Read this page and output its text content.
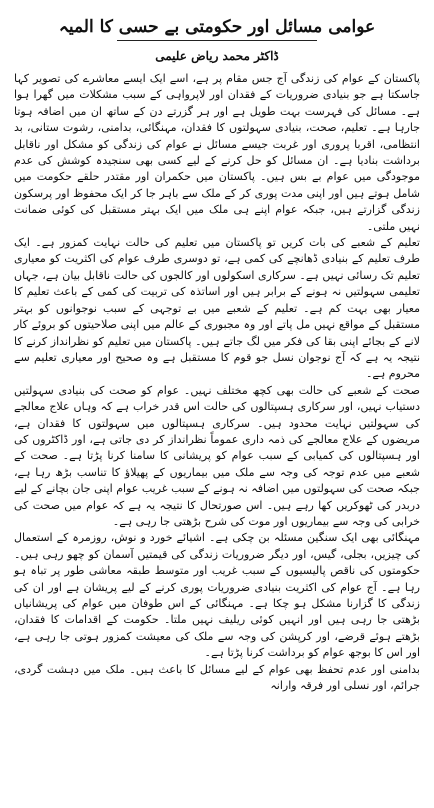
عوامی مسائل اور حکومتی بے حسی کا المیہ
ڈاکٹر محمد ریاض علیمی

پاکستان کے عوام کی زندگی آج جس مقام پر ہے، اسے ایک ایسے معاشرے کی تصویر کہا جاسکتا ہے جو بنیادی ضروریات کے فقدان اور لاپرواہی کے سبب مشکلات میں گھرا ہوا ہے۔ مسائل کی فہرست بہت طویل ہے اور ہر گزرتے دن کے ساتھ ان میں اضافہ ہوتا جارہا ہے۔ تعلیم، صحت، بنیادی سہولتوں کا فقدان، مہنگائی، بدامنی، رشوت ستانی، بد انتظامی، اقربا پروری اور غربت جیسے مسائل نے عوام کی زندگی کو مشکل اور ناقابل برداشت بنادیا ہے۔ ان مسائل کو حل کرنے کے لیے کسی بھی سنجیدہ کوشش کی عدم موجودگی میں عوام بے بس ہیں۔ پاکستان میں حکمران اور مقتدر حلقے حکومت میں شامل ہوتے ہیں اور اپنی مدت پوری کر کے ملک سے باہر جا کر ایک محفوظ اور پرسکون زندگی گزارتے ہیں، جبکہ عوام اپنے ہی ملک میں ایک بہتر مستقبل کی کوئی ضمانت نہیں ملتی۔

تعلیم کے شعبے کی بات کریں تو پاکستان میں تعلیم کی حالت نہایت کمزور ہے۔ ایک طرف تعلیم کے بنیادی ڈھانچے کی کمی ہے، تو دوسری طرف عوام کی اکثریت کو معیاری تعلیم تک رسائی نہیں ہے۔ سرکاری اسکولوں اور کالجوں کی حالت ناقابل بیان ہے، جہاں تعلیمی سہولتیں نہ ہونے کے برابر ہیں اور اساتذہ کی تربیت کی کمی کے باعث تعلیم کا معیار بھی بہت کم ہے۔ تعلیم کے شعبے میں بے توجہی کے سبب نوجوانوں کو بہتر مستقبل کے مواقع نہیں مل پاتے اور وہ مجبوری کے عالم میں اپنی صلاحیتوں کو بروئے کار لانے کے بجائے اپنی بقا کی فکر میں لگ جاتے ہیں۔ پاکستان میں تعلیم کو نظرانداز کرنے کا نتیجہ یہ ہے کہ آج نوجوان نسل جو قوم کا مستقبل ہے وہ صحیح اور معیاری تعلیم سے محروم ہے۔

صحت کے شعبے کی حالت بھی کچھ مختلف نہیں۔ عوام کو صحت کی بنیادی سہولتیں دستیاب نہیں، اور سرکاری ہسپتالوں کی حالت اس قدر خراب ہے کہ وہاں علاج معالجے کی سہولتیں نہایت محدود ہیں۔ سرکاری ہسپتالوں میں سہولتوں کا فقدان ہے، مریضوں کے علاج معالجے کی ذمہ داری عموماً نظرانداز کر دی جاتی ہے، اور ڈاکٹروں کی اور ہسپتالوں کی کمیابی کے سبب عوام کو پریشانی کا سامنا کرنا پڑتا ہے۔ صحت کے شعبے میں عدم توجہ کی وجہ سے ملک میں بیماریوں کے پھیلاؤ کا تناسب بڑھ رہا ہے، جبکہ صحت کی سہولتوں میں اضافہ نہ ہونے کے سبب غریب عوام اپنی جان بچانے کے لیے دربدر کی ٹھوکریں کھا رہے ہیں۔ اس صورتحال کا نتیجہ یہ ہے کہ عوام میں صحت کی خرابی کی وجہ سے بیماریوں اور موت کی شرح بڑھتی جا رہی ہے۔

مہنگائی بھی ایک سنگین مسئلہ بن چکی ہے۔ اشیائے خورد و نوش، روزمرہ کے استعمال کی چیزیں، بجلی، گیس، اور دیگر ضروریات زندگی کی قیمتیں آسمان کو چھو رہی ہیں۔ حکومتوں کی ناقص پالیسیوں کے سبب غریب اور متوسط طبقہ معاشی طور پر تباہ ہو رہا ہے۔ آج عوام کی اکثریت بنیادی ضروریات پوری کرنے کے لیے پریشان ہے اور ان کی زندگی کا گزارنا مشکل ہو چکا ہے۔ مہنگائی کے اس طوفان میں عوام کی پریشانیاں بڑھتی جا رہی ہیں اور انہیں کوئی ریلیف نہیں ملتا۔ حکومت کے اقدامات کا فقدان، بڑھتے ہوئے قرضے، اور کرپشن کی وجہ سے ملک کی معیشت کمزور ہوتی جا رہی ہے، اور اس کا بوجھ عوام کو برداشت کرنا پڑتا ہے۔

بدامنی اور عدم تحفظ بھی عوام کے لیے مسائل کا باعث ہیں۔ ملک میں دہشت گردی، جرائم، اور نسلی اور فرقہ وارانہ
